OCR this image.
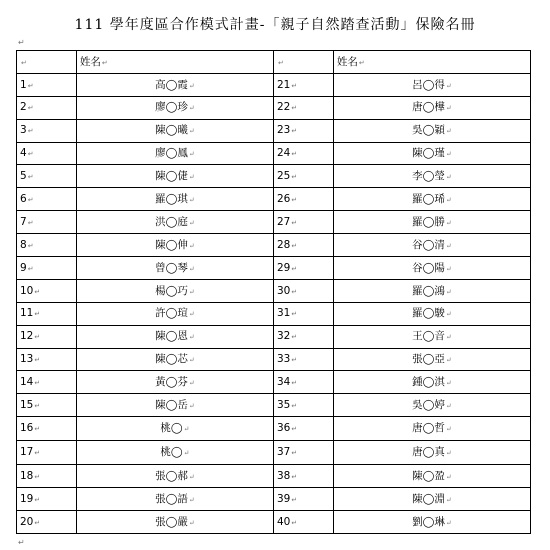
111 學年度區合作模式計畫-「親子自然踏查活動」保險名冊
↵
↵	姓名↵	↵	姓名↵
1↵	高◯霞↵	21↵	呂◯得↵
2↵	廖◯珍↵	22↵	唐◯樺↵
3↵	陳◯曦↵	23↵	吳◯穎↵
4↵	廖◯鳳↵	24↵	陳◯瑾↵
5↵	陳◯倢↵	25↵	李◯瑩↵
6↵	羅◯琪↵	26↵	羅◯琋↵
7↵	洪◯庭↵	27↵	羅◯勝↵
8↵	陳◯伸↵	28↵	谷◯清↵
9↵	曾◯琴↵	29↵	谷◯陽↵
10↵	楊◯巧↵	30↵	羅◯鴻↵
11↵	許◯瑄↵	31↵	羅◯駿↵
12↵	陳◯恩↵	32↵	王◯音↵
13↵	陳◯芯↵	33↵	張◯亞↵
14↵	黃◯芬↵	34↵	鍾◯淇↵
15↵	陳◯岳↵	35↵	吳◯婷↵
16↵	桃◯↵	36↵	唐◯哲↵
17↵	桃◯↵	37↵	唐◯真↵
18↵	張◯郝↵	38↵	陳◯盈↵
19↵	張◯語↵	39↵	陳◯淵↵
20↵	張◯嚴↵	40↵	劉◯琳↵
↵
